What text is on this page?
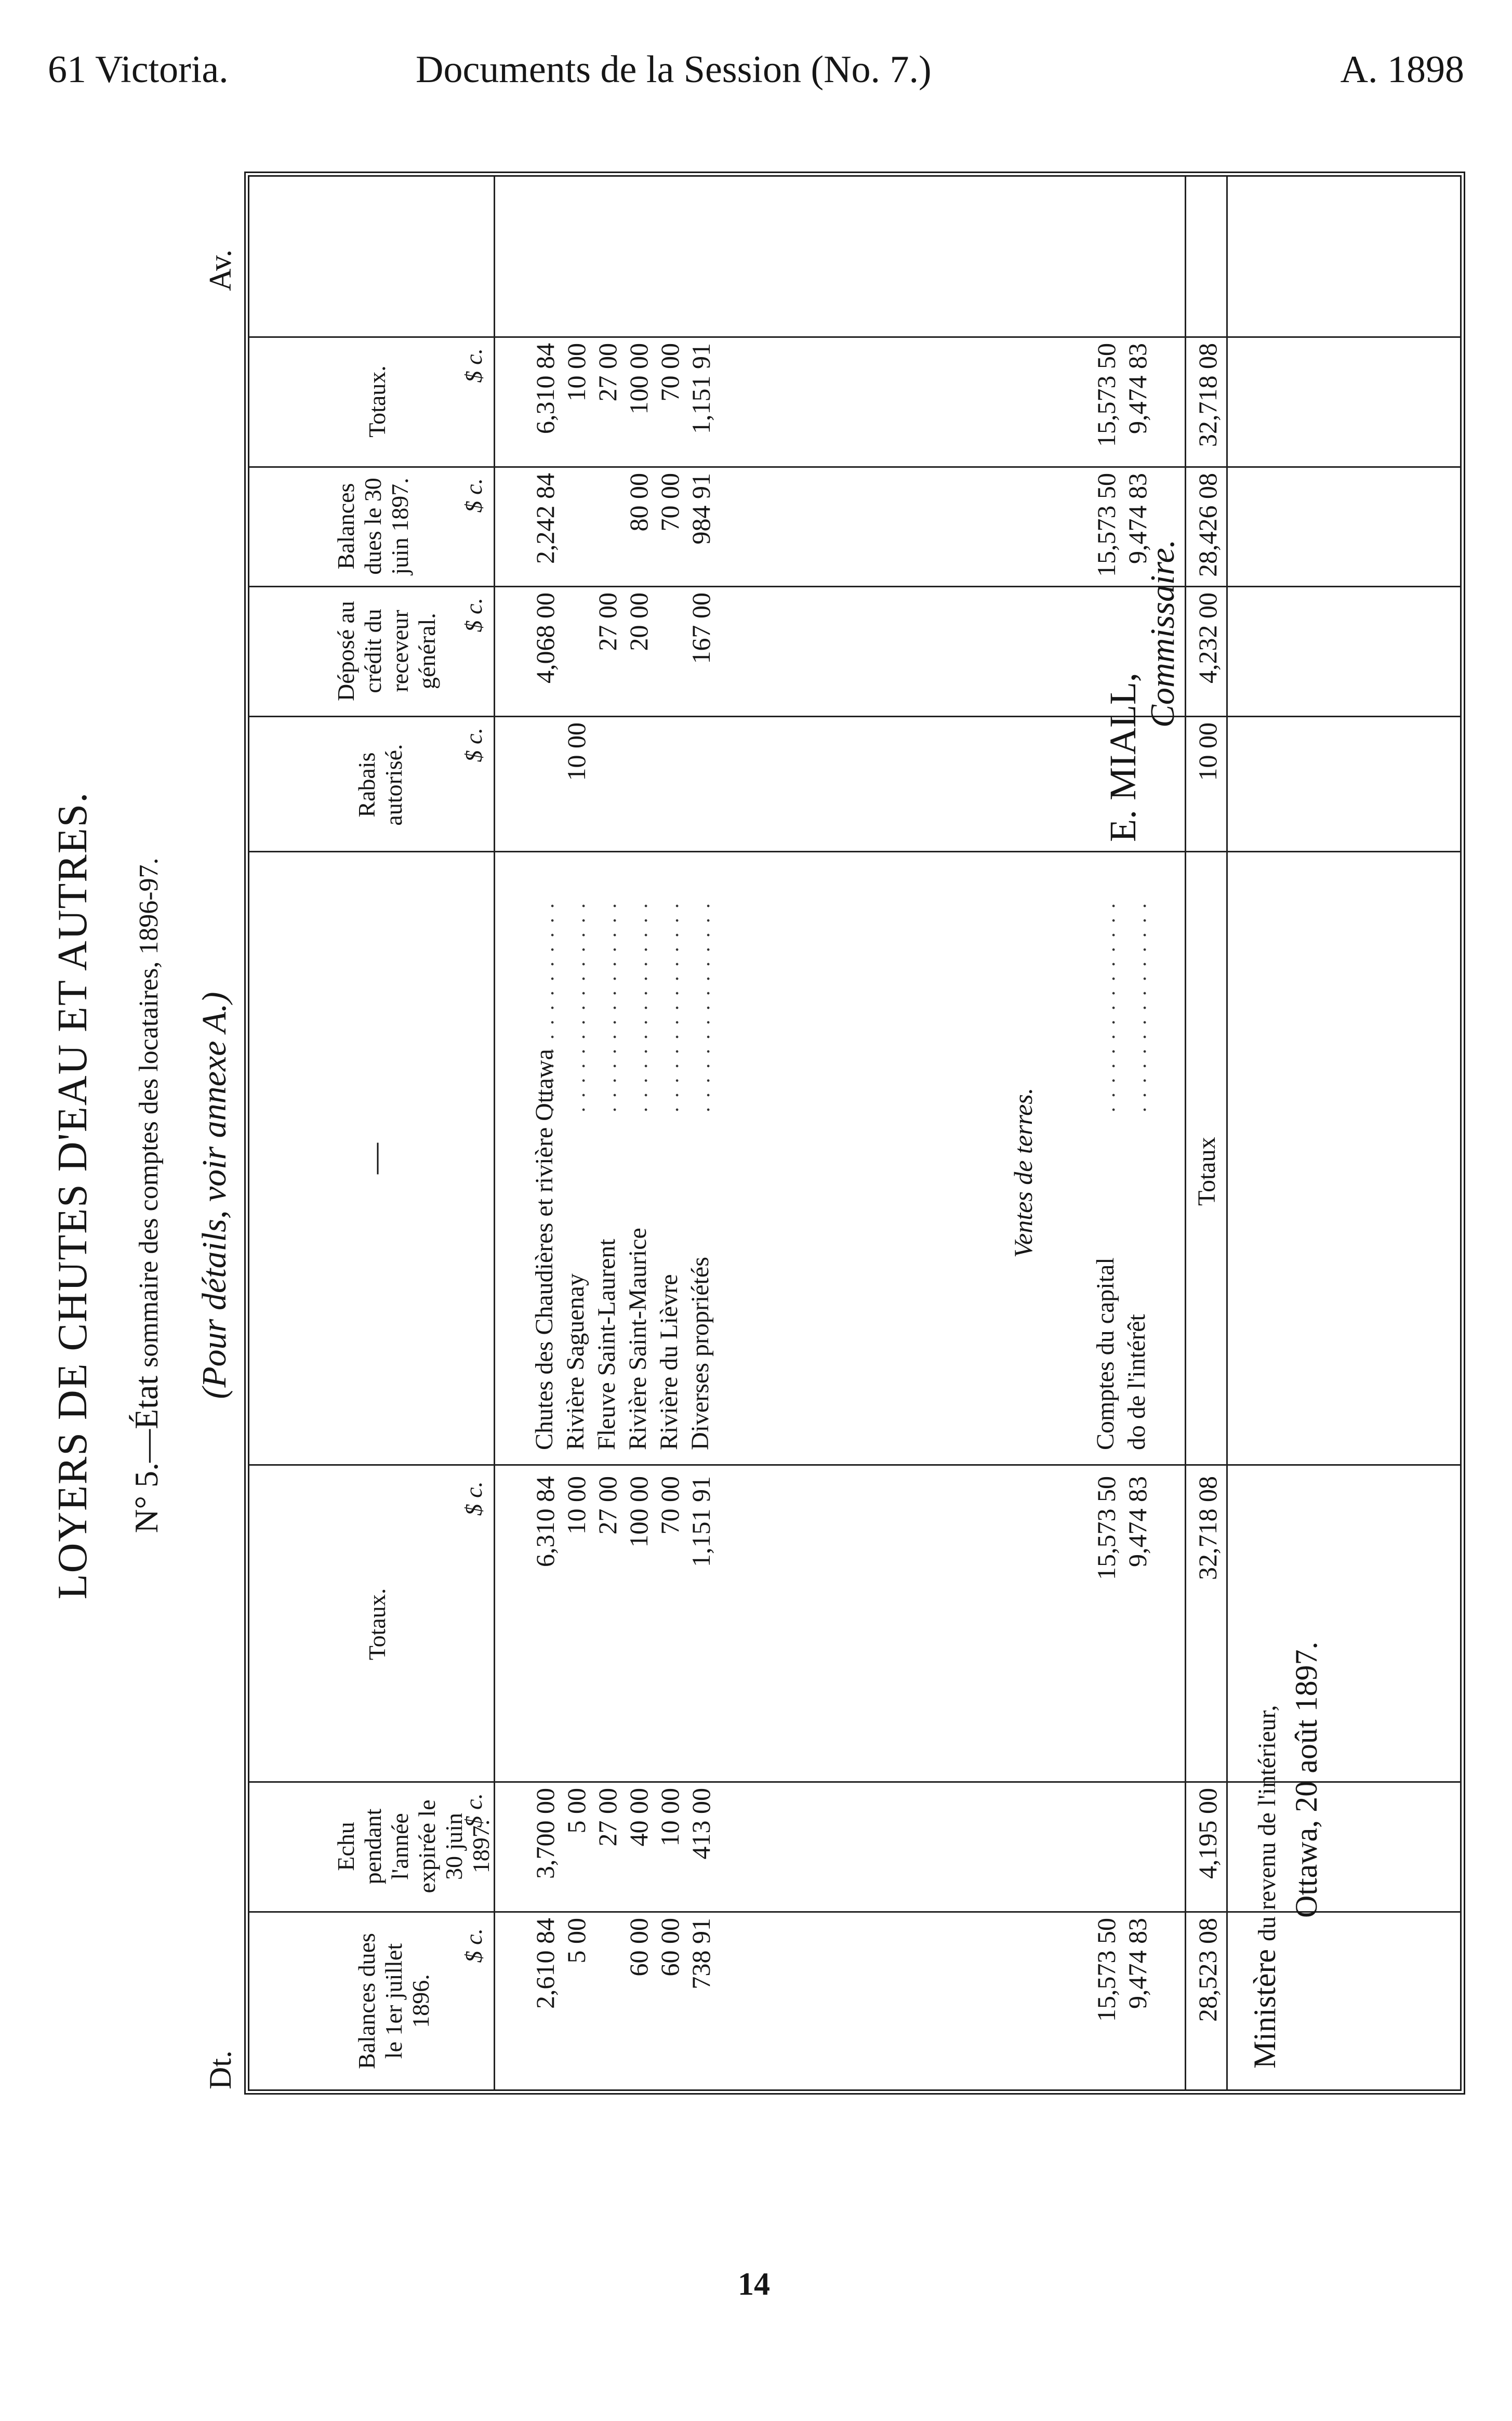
61 Victoria.	Documents de la Session (No. 7.)	A. 1898
LOYERS DE CHUTES D'EAU ET AUTRES. N° 5.—État sommaire des comptes des locataires, 1896-97. (Pour détails, voir annexe A.)
Dt.
Av.
Balances dues le 1er juillet 1896.
Echu pendant l'année expirée le 30 juin 1897.
Totaux.
Rabais autorisé.
Déposé au crédit du receveur général.
Balances dues le 30 juin 1897.
Totaux.
—
$ c.
$ c.
$ c.
$ c.
$ c.
$ c.
$ c.
2,610 84
3,700 00
6,310 84
4,068 00
2,242 84
6,310 84
Chutes des Chaudières et rivière Ottawa
. . . . . . . . . . . . . . .
5 00
5 00
10 00
10 00
10 00
Rivière Saguenay
. . . . . . . . . . . . . . .
27 00
27 00
27 00
27 00
Fleuve Saint-Laurent
. . . . . . . . . . . . . . .
60 00
40 00
100 00
20 00
80 00
100 00
Rivière Saint-Maurice
. . . . . . . . . . . . . . .
60 00
10 00
70 00
70 00
70 00
Rivière du Lièvre
. . . . . . . . . . . . . . .
738 91
413 00
1,151 91
167 00
984 91
1,151 91
Diverses propriétés
. . . . . . . . . . . . . . .
15,573 50
15,573 50
15,573 50
15,573 50
Comptes du capital
. . . . . . . . . . . . . . .
9,474 83
9,474 83
9,474 83
9,474 83
do de l'intérêt
. . . . . . . . . . . . . . .
28,523 08
4,195 00
32,718 08
10 00
4,232 00
28,426 08
32,718 08
Totaux
Ventes de terres.
Ministère du revenu de l'intérieur, Ottawa, 20 août 1897.
E. MIALL,
Commissaire.
14
